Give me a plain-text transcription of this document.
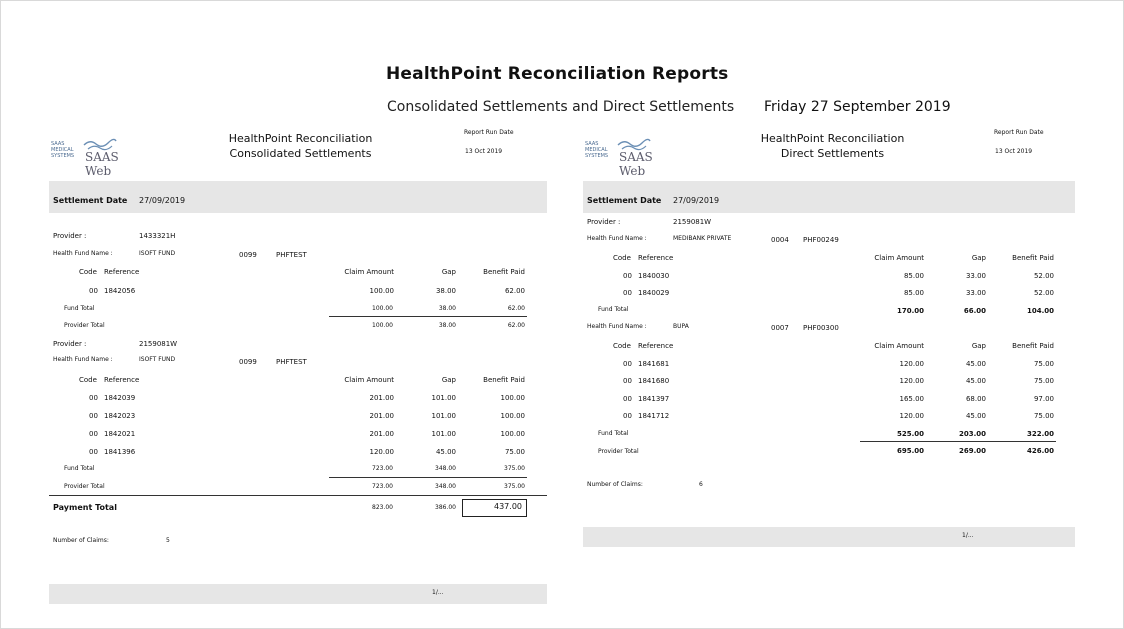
HealthPoint Reconciliation Reports
Consolidated Settlements and Direct Settlements Friday 27 September 2019
SAAS
MEDICAL
SYSTEMS SAAS Web
HealthPoint Reconciliation
Consolidated Settlements
Report Run Date
13 Oct 2019
Settlement Date 27/09/2019
Provider :	1433321H
Health Fund Name :	ISOFT FUND	0099	PHFTEST
Code Reference	Claim Amount	Gap	Benefit Paid
00 1842056	100.00	38.00	62.00
Fund Total	100.00	38.00	62.00
Provider Total	100.00	38.00	62.00
Provider :	2159081W
Health Fund Name :	ISOFT FUND	0099	PHFTEST
Code Reference	Claim Amount	Gap	Benefit Paid
00 1842039	201.00	101.00	100.00
00 1842023	201.00	101.00	100.00
00 1842021	201.00	101.00	100.00
00 1841396	120.00	45.00	75.00
Fund Total	723.00	348.00	375.00
Provider Total	723.00	348.00	375.00
Payment Total	823.00	386.00	437.00
Number of Claims:	5
1/...
SAAS
MEDICAL
SYSTEMS SAAS Web
HealthPoint Reconciliation
Direct Settlements
Report Run Date
13 Oct 2019
Settlement Date 27/09/2019
Provider :	2159081W
Health Fund Name :	MEDIBANK PRIVATE	0004 PHF00249
Code Reference	Claim Amount	Gap	Benefit Paid
00 1840030	85.00	33.00	52.00
00 1840029	85.00	33.00	52.00
Fund Total	170.00	66.00	104.00
Health Fund Name :	BUPA	0007 PHF00300
Code Reference	Claim Amount	Gap	Benefit Paid
00 1841681	120.00	45.00	75.00
00 1841680	120.00	45.00	75.00
00 1841397	165.00	68.00	97.00
00 1841712	120.00	45.00	75.00
Fund Total	525.00	203.00	322.00
Provider Total	695.00	269.00	426.00
Number of Claims:	6
1/...
